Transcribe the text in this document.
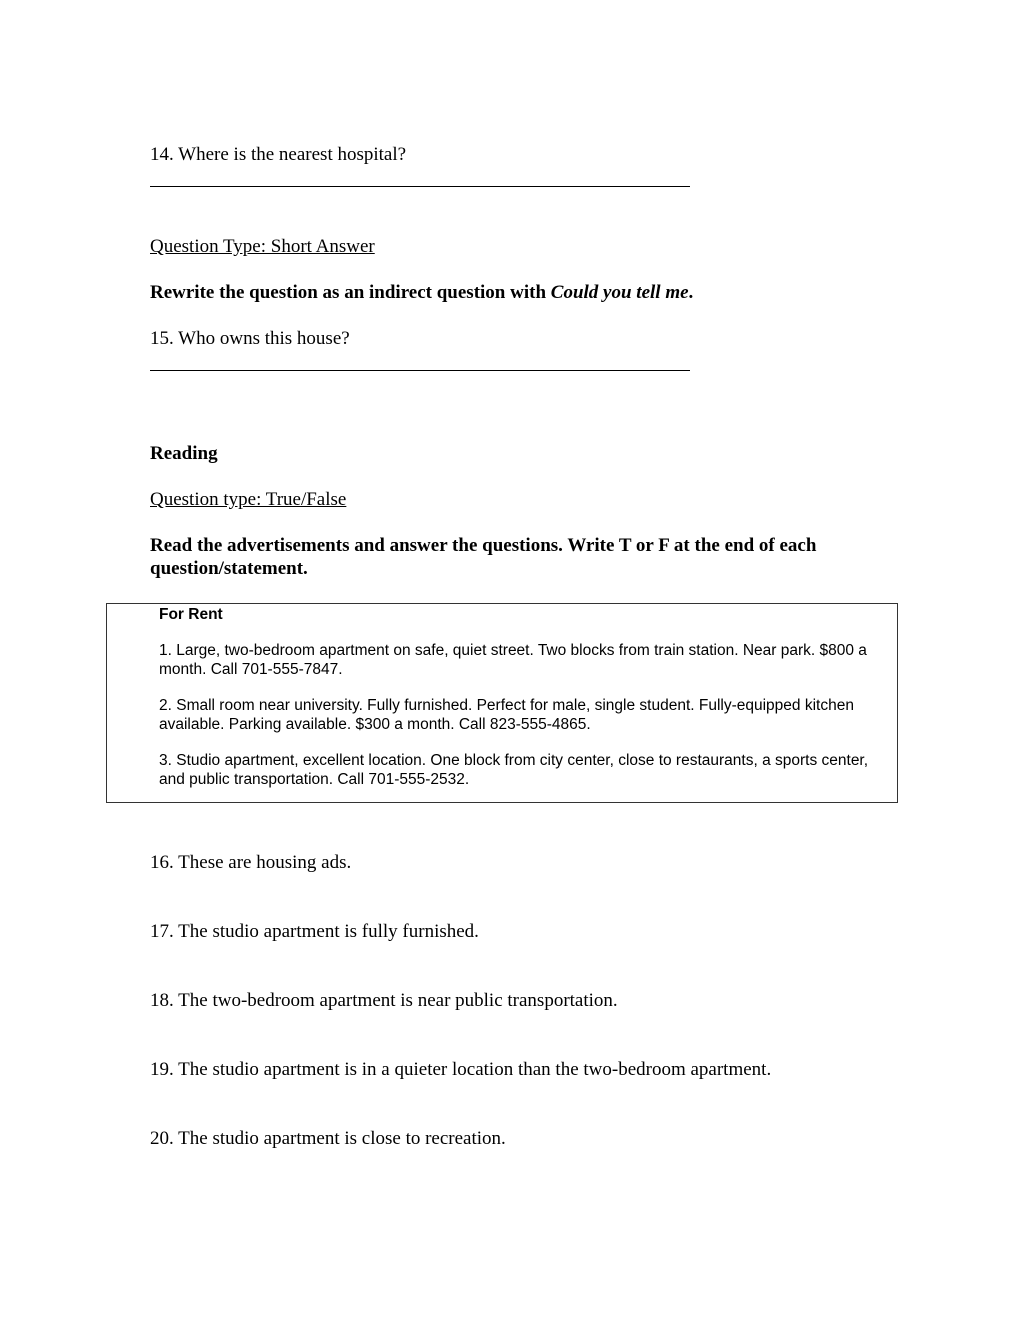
14. Where is the nearest hospital?
Question Type: Short Answer
Rewrite the question as an indirect question with Could you tell me.
15. Who owns this house?
Reading
Question type: True/False
Read the advertisements and answer the questions. Write T or F at the end of each
question/statement.
For Rent
1. Large, two-bedroom apartment on safe, quiet street. Two blocks from train station. Near park. $800 a month. Call 701-555-7847.
2. Small room near university. Fully furnished. Perfect for male, single student. Fully-equipped kitchen available. Parking available. $300 a month. Call 823-555-4865.
3. Studio apartment, excellent location. One block from city center, close to restaurants, a sports center, and public transportation. Call 701-555-2532.
16. These are housing ads.
17. The studio apartment is fully furnished.
18. The two-bedroom apartment is near public transportation.
19. The studio apartment is in a quieter location than the two-bedroom apartment.
20. The studio apartment is close to recreation.
